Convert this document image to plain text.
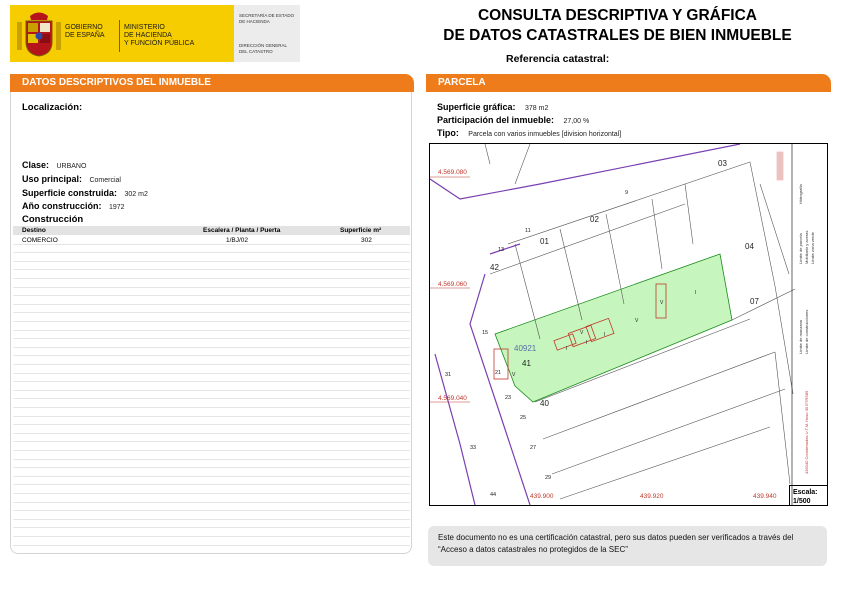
GOBIERNO
DE ESPAÑA
MINISTERIO
DE HACIENDA
Y FUNCIÓN PÚBLICA
SECRETARÍA DE ESTADO
DE HACIENDA
DIRECCIÓN GENERAL
DEL CATASTRO
CONSULTA DESCRIPTIVA Y GRÁFICA
DE DATOS CATASTRALES DE BIEN INMUEBLE
Referencia catastral:
DATOS DESCRIPTIVOS DEL INMUEBLE
Localización:
Clase: URBANO
Uso principal: Comercial
Superficie construida: 302 m2
Año construcción: 1972
Construcción
Destino	Escalera / Planta / Puerta	Superficie m²
COMERCIO	1/BJ/02	302
PARCELA
Superficie gráfica: 378 m2
Participación del inmueble: 27,00 %
Tipo: Parcela con varios inmuebles [division horizontal]
Límite de parcela Mobiliario y aceras Límite zona verde
Hidrografía
Límite de manzana Límite de construcciones
435040 Coordenadas U.T.M. Huso 30 ETRS89
4.569.080
4.569.060
4.569.040
439.900	439.920	439.940
03
02
01
04
42
07
41
40
40921	I
I
I
V
V
I
V
V
9
11
13
15
21
23
25
27
29
31
33
44	Escala:
1/500
Este documento no es una certificación catastral, pero sus datos pueden ser verificados a través del “Acceso a datos catastrales no protegidos de la SEC”
